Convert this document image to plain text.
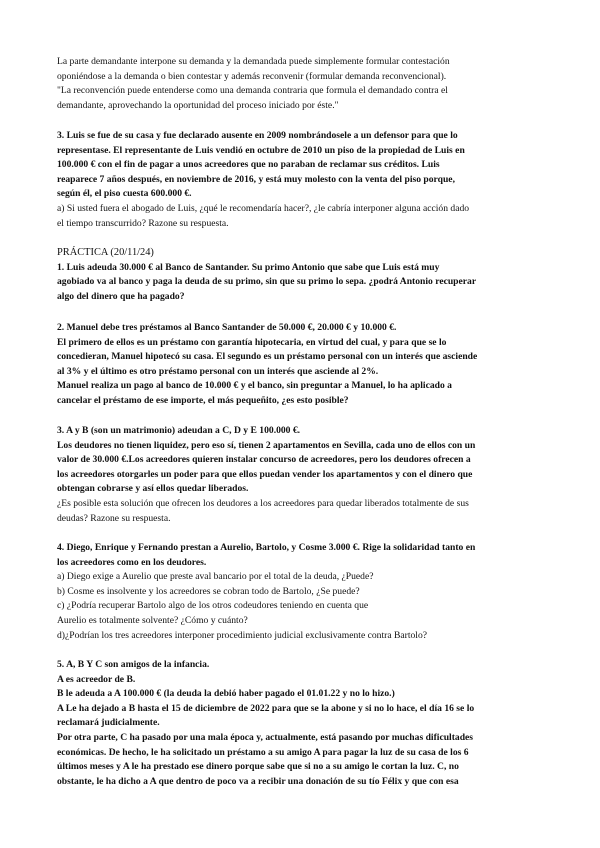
La parte demandante interpone su demanda y la demandada puede simplemente formular contestación
oponiéndose a la demanda o bien contestar y además reconvenir (formular demanda reconvencional).
"La reconvención puede entenderse como una demanda contraria que formula el demandado contra el
demandante, aprovechando la oportunidad del proceso iniciado por éste."
3. Luis se fue de su casa y fue declarado ausente en 2009 nombrándosele a un defensor para que lo
representase. El representante de Luis vendió en octubre de 2010 un piso de la propiedad de Luis en
100.000 € con el fin de pagar a unos acreedores que no paraban de reclamar sus créditos. Luis
reaparece 7 años después, en noviembre de 2016, y está muy molesto con la venta del piso porque,
según él, el piso cuesta 600.000 €.
a) Si usted fuera el abogado de Luis, ¿qué le recomendaría hacer?, ¿le cabría interponer alguna acción dado
el tiempo transcurrido? Razone su respuesta.
PRÁCTICA (20/11/24)
1. Luis adeuda 30.000 € al Banco de Santander. Su primo Antonio que sabe que Luis está muy
agobiado va al banco y paga la deuda de su primo, sin que su primo lo sepa. ¿podrá Antonio recuperar
algo del dinero que ha pagado?
2. Manuel debe tres préstamos al Banco Santander de 50.000 €, 20.000 € y 10.000 €.
El primero de ellos es un préstamo con garantía hipotecaria, en virtud del cual, y para que se lo
concedieran, Manuel hipotecó su casa. El segundo es un préstamo personal con un interés que asciende
al 3% y el último es otro préstamo personal con un interés que asciende al 2%.
Manuel realiza un pago al banco de 10.000 € y el banco, sin preguntar a Manuel, lo ha aplicado a
cancelar el préstamo de ese importe, el más pequeñito, ¿es esto posible?
3. A y B (son un matrimonio) adeudan a C, D y E 100.000 €.
Los deudores no tienen liquidez, pero eso sí, tienen 2 apartamentos en Sevilla, cada uno de ellos con un
valor de 30.000 €.Los acreedores quieren instalar concurso de acreedores, pero los deudores ofrecen a
los acreedores otorgarles un poder para que ellos puedan vender los apartamentos y con el dinero que
obtengan cobrarse y así ellos quedar liberados.
¿Es posible esta solución que ofrecen los deudores a los acreedores para quedar liberados totalmente de sus
deudas? Razone su respuesta.
4. Diego, Enrique y Fernando prestan a Aurelio, Bartolo, y Cosme 3.000 €. Rige la solidaridad tanto en
los acreedores como en los deudores.
a) Diego exige a Aurelio que preste aval bancario por el total de la deuda, ¿Puede?
b) Cosme es insolvente y los acreedores se cobran todo de Bartolo, ¿Se puede?
c) ¿Podría recuperar Bartolo algo de los otros codeudores teniendo en cuenta que
Aurelio es totalmente solvente? ¿Cómo y cuánto?
d)¿Podrían los tres acreedores interponer procedimiento judicial exclusivamente contra Bartolo?
5. A, B Y C son amigos de la infancia.
A es acreedor de B.
B le adeuda a A 100.000 € (la deuda la debió haber pagado el 01.01.22 y no lo hizo.)
A Le ha dejado a B hasta el 15 de diciembre de 2022 para que se la abone y si no lo hace, el día 16 se lo
reclamará judicialmente.
Por otra parte, C ha pasado por una mala época y, actualmente, está pasando por muchas dificultades
económicas. De hecho, le ha solicitado un préstamo a su amigo A para pagar la luz de su casa de los 6
últimos meses y A le ha prestado ese dinero porque sabe que si no a su amigo le cortan la luz. C, no
obstante, le ha dicho a A que dentro de poco va a recibir una donación de su tío Félix y que con esa
